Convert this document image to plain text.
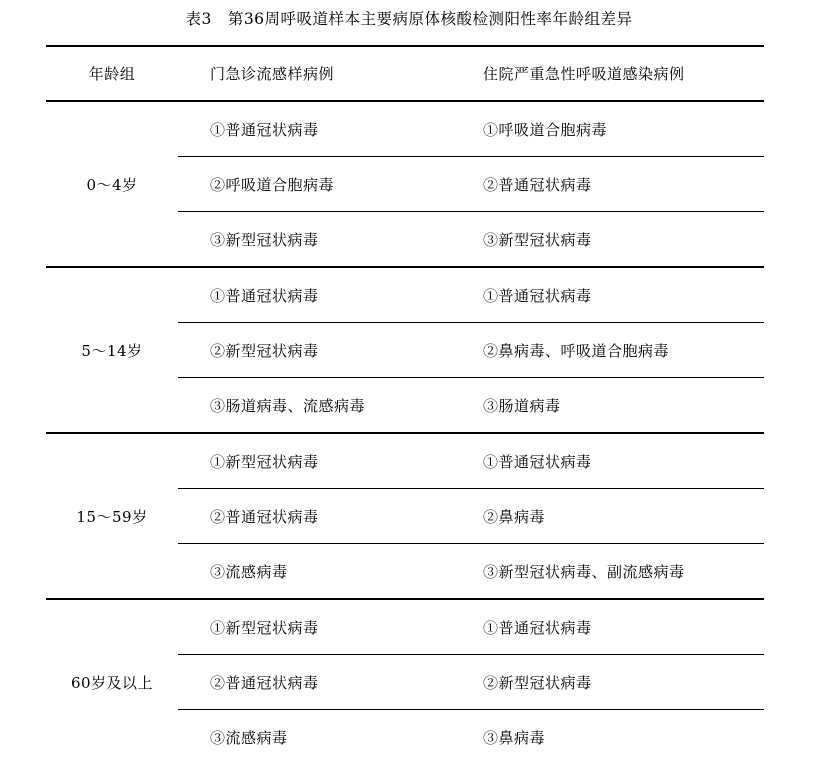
表3　第36周呼吸道样本主要病原体核酸检测阳性率年龄组差异
年龄组	门急诊流感样病例	住院严重急性呼吸道感染病例
0～4岁	①普通冠状病毒	①呼吸道合胞病毒
	②呼吸道合胞病毒	②普通冠状病毒
	③新型冠状病毒	③新型冠状病毒
5～14岁	①普通冠状病毒	①普通冠状病毒
	②新型冠状病毒	②鼻病毒、呼吸道合胞病毒
	③肠道病毒、流感病毒	③肠道病毒
15～59岁	①新型冠状病毒	①普通冠状病毒
	②普通冠状病毒	②鼻病毒
	③流感病毒	③新型冠状病毒、副流感病毒
60岁及以上	①新型冠状病毒	①普通冠状病毒
	②普通冠状病毒	②新型冠状病毒
	③流感病毒	③鼻病毒
